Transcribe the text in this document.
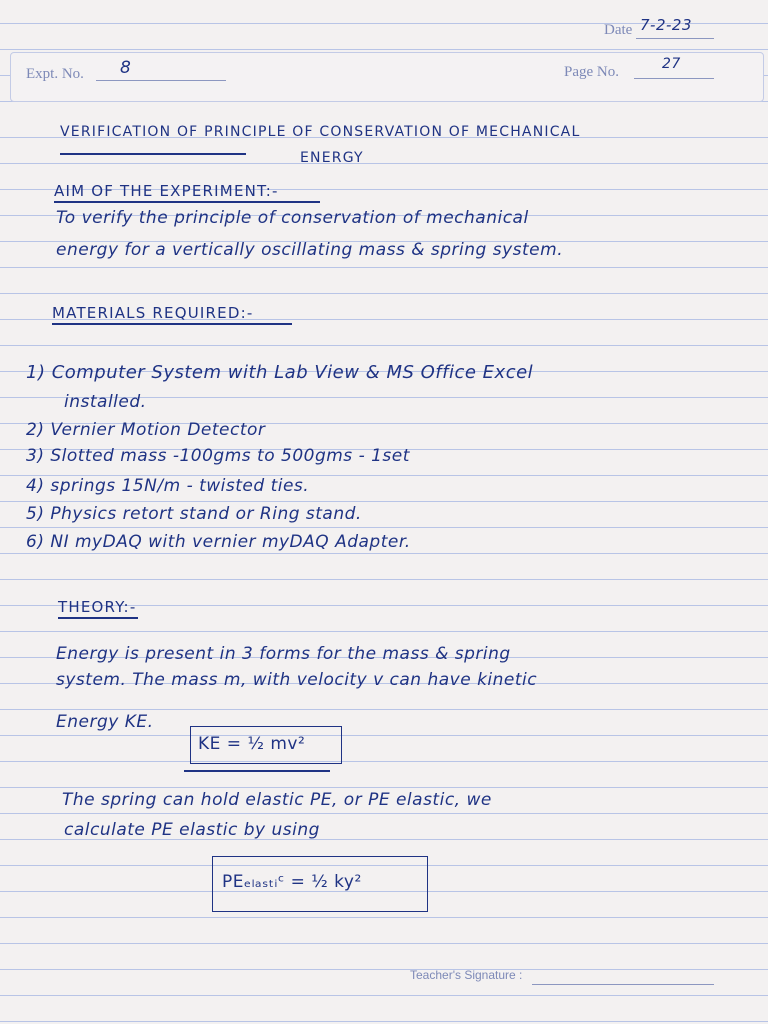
Date 7-2-23
Expt. No. 8	Page No.	27
VERIFICATION OF PRINCIPLE OF CONSERVATION OF MECHANICAL
ENERGY
AIM OF THE EXPERIMENT:-
To verify the principle of conservation of mechanical
energy for a vertically oscillating mass & spring system.
MATERIALS REQUIRED:-
1) Computer System with Lab View & MS Office Excel
installed.
2) Vernier Motion Detector
3) Slotted mass -100gms to 500gms - 1set
4) springs 15N/m - twisted ties.
5) Physics retort stand or Ring stand.
6) NI myDAQ with vernier myDAQ Adapter.
THEORY:-
Energy is present in 3 forms for the mass & spring
system. The mass m, with velocity v can have kinetic
Energy KE.
KE = ½ mv²
The spring can hold elastic PE, or PE elastic, we
calculate PE elastic by using
PEₑₗₐₛₜᵢᶜ = ½ ky²
Teacher's Signature :
